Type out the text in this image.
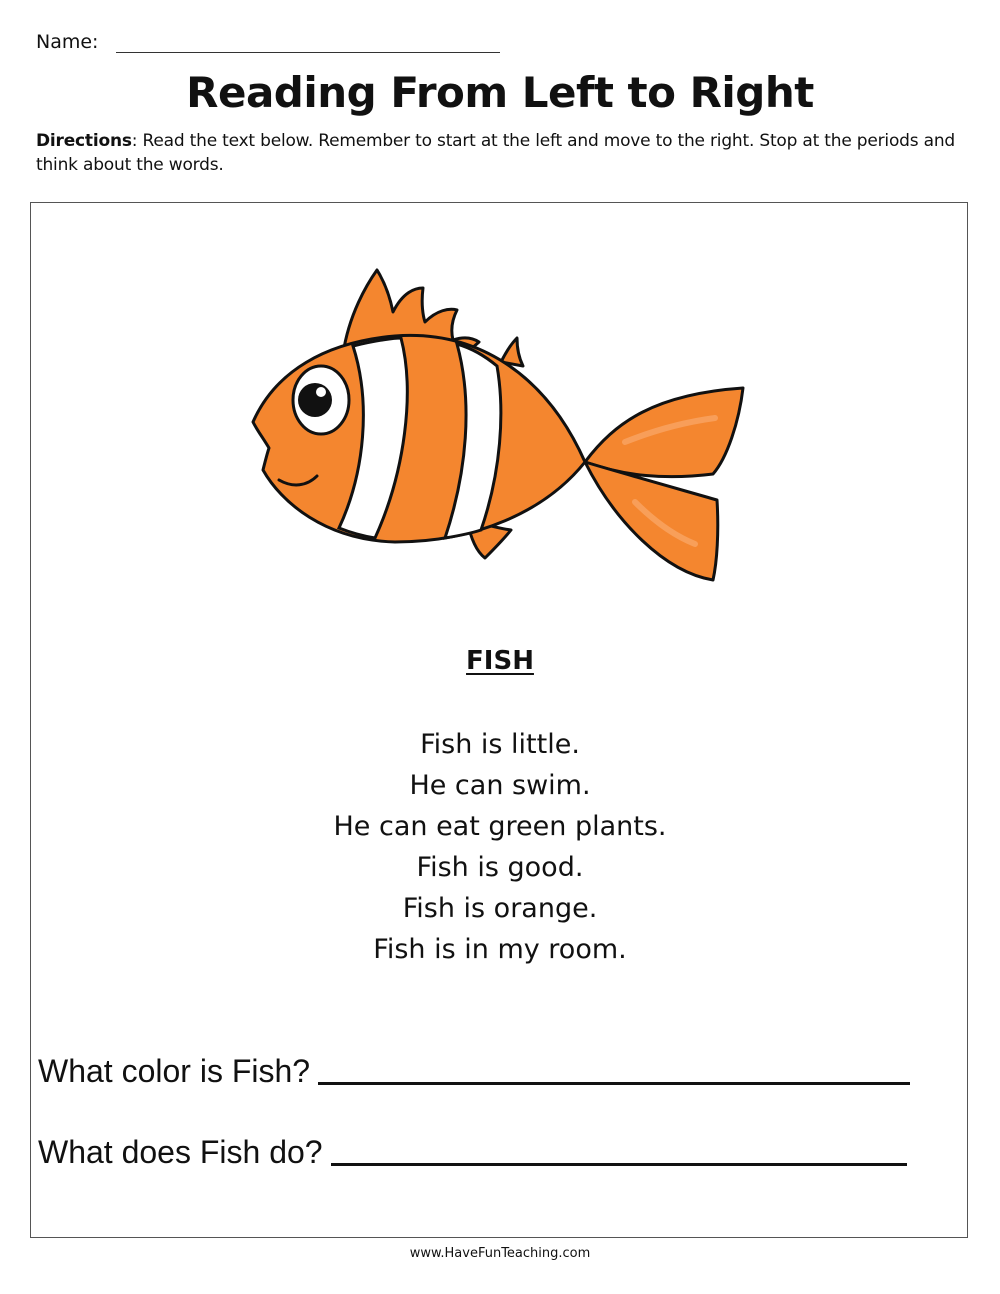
Name:
Reading From Left to Right
Directions: Read the text below. Remember to start at the left and move to the right. Stop at the periods and think about the words.
FISH
Fish is little.
He can swim.
He can eat green plants.
Fish is good.
Fish is orange.
Fish is in my room.
What color is Fish?
What does Fish do?
www.HaveFunTeaching.com
